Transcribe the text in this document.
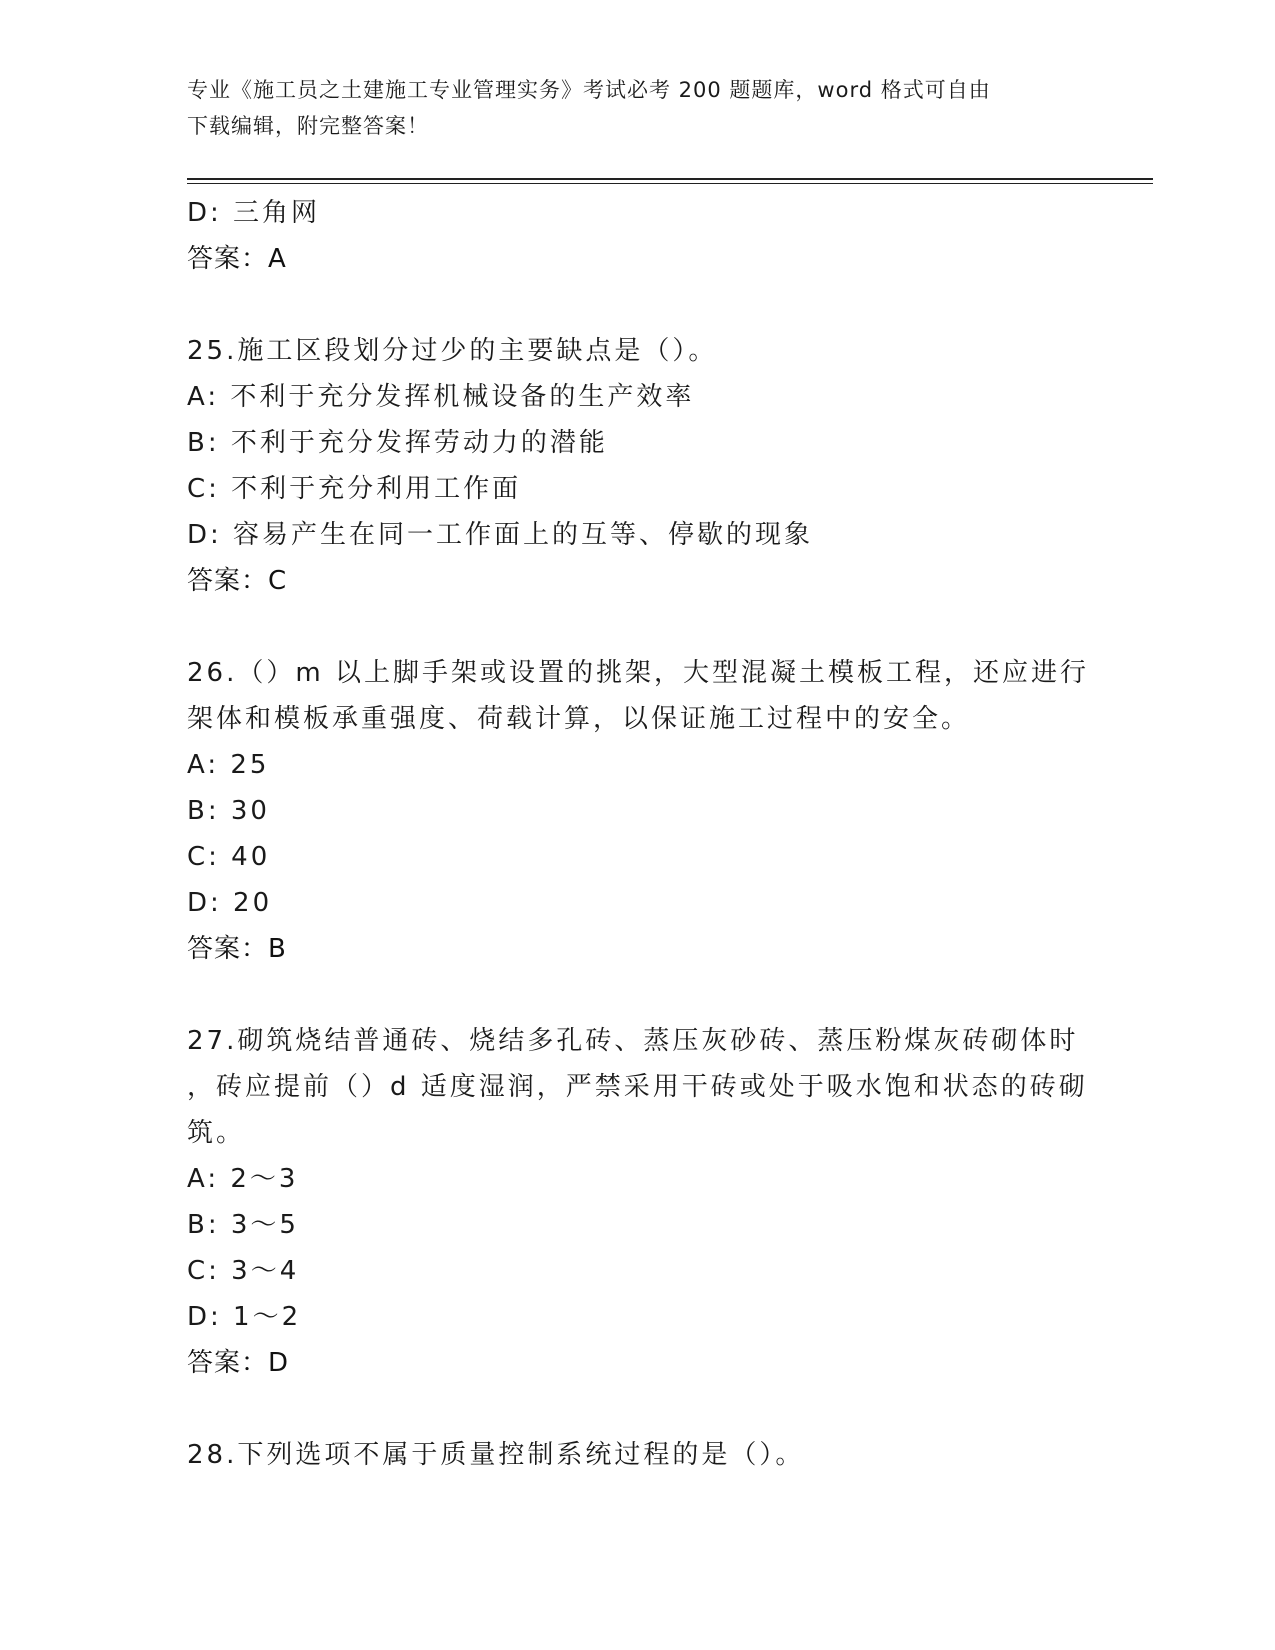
专业《施工员之土建施工专业管理实务》考试必考 200 题题库，word 格式可自由
下载编辑，附完整答案！
D: 三角网
答案：A
25.施工区段划分过少的主要缺点是（）。
A: 不利于充分发挥机械设备的生产效率
B: 不利于充分发挥劳动力的潜能
C: 不利于充分利用工作面
D: 容易产生在同一工作面上的互等、停歇的现象
答案：C
26.（）m 以上脚手架或设置的挑架，大型混凝土模板工程，还应进行
架体和模板承重强度、荷载计算，以保证施工过程中的安全。
A: 25
B: 30
C: 40
D: 20
答案：B
27.砌筑烧结普通砖、烧结多孔砖、蒸压灰砂砖、蒸压粉煤灰砖砌体时
，砖应提前（）d 适度湿润，严禁采用干砖或处于吸水饱和状态的砖砌
筑。
A: 2～3
B: 3～5
C: 3～4
D: 1～2
答案：D
28.下列选项不属于质量控制系统过程的是（）。
